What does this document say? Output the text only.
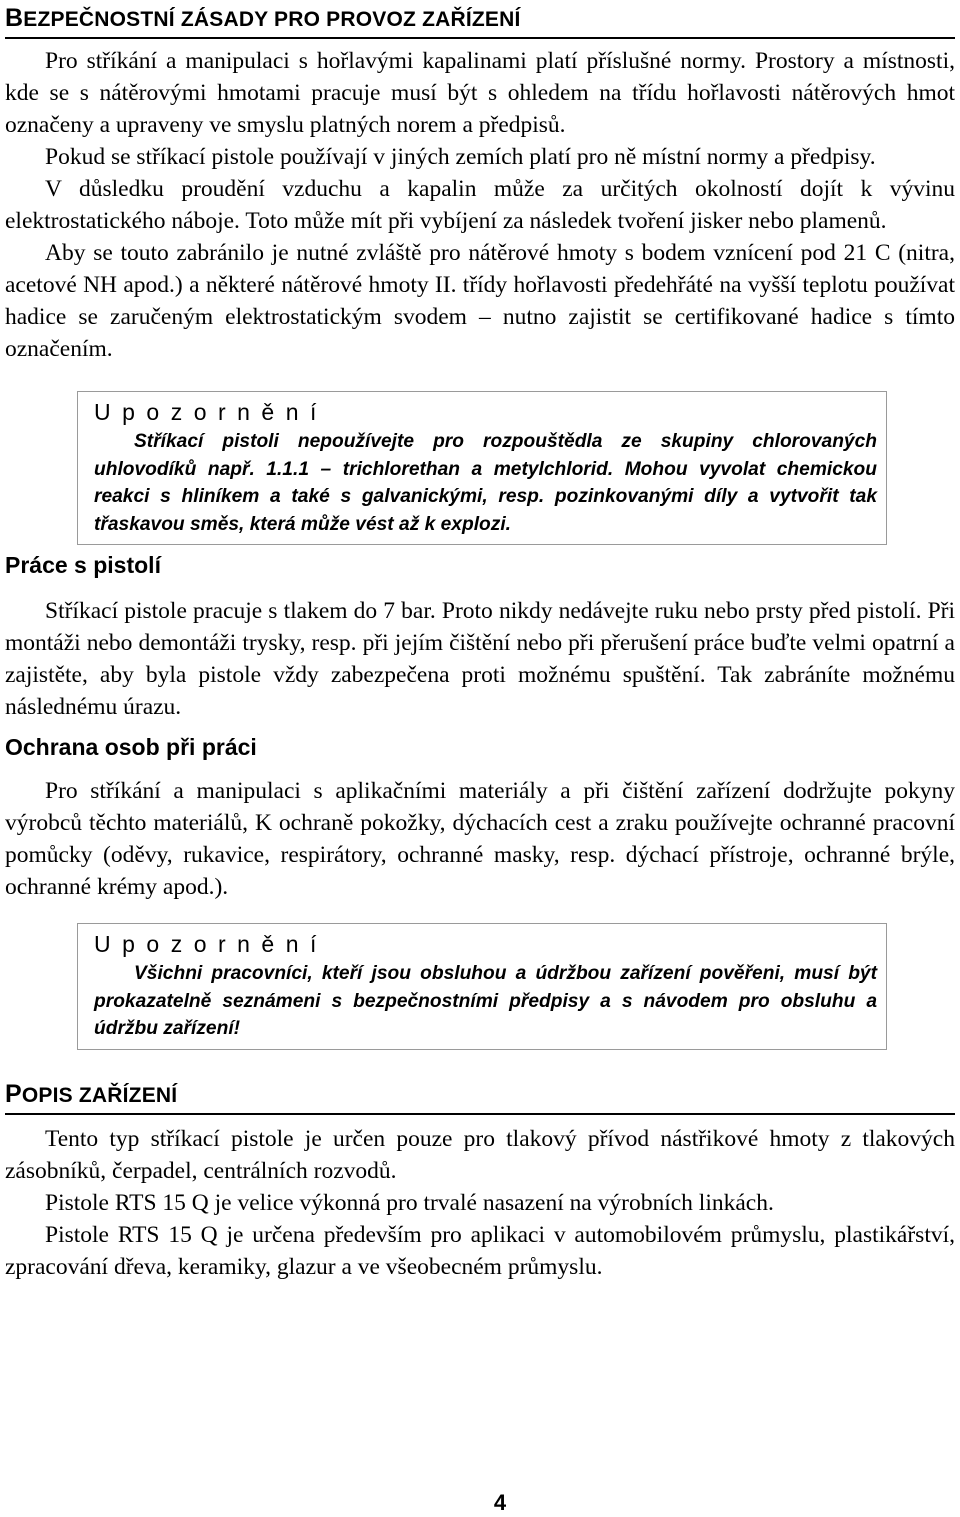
BEZPEČNOSTNÍ ZÁSADY PRO PROVOZ ZAŘÍZENÍ

Pro stříkání a manipulaci s hořlavými kapalinami platí příslušné normy. Prostory a místnosti, kde se s nátěrovými hmotami pracuje musí být s ohledem na třídu hořlavosti nátěrových hmot označeny a upraveny ve smyslu platných norem a předpisů.

Pokud se stříkací pistole používají v jiných zemích platí pro ně místní normy a předpisy.

V důsledku proudění vzduchu a kapalin může za určitých okolností dojít k vývinu elektrostatického náboje. Toto může mít při vybíjení za následek tvoření jisker nebo plamenů.

Aby se touto zabránilo je nutné zvláště pro nátěrové hmoty s bodem vznícení pod 21 C (nitra, acetové NH apod.) a některé nátěrové hmoty II. třídy hořlavosti předehřáté na vyšší teplotu používat hadice se zaručeným elektrostatickým svodem – nutno zajistit se certifikované hadice s tímto označením.

Upozornění

Stříkací pistoli nepoužívejte pro rozpouštědla ze skupiny chlorovaných uhlovodíků např. 1.1.1 – trichlorethan a metylchlorid. Mohou vyvolat chemickou reakci s hliníkem a také s galvanickými, resp. pozinkovanými díly a vytvořit tak třaskavou směs, která může vést až k explozi.

Práce s pistolí

Stříkací pistole pracuje s tlakem do 7 bar. Proto nikdy nedávejte ruku nebo prsty před pistolí. Při montáži nebo demontáži trysky, resp. při jejím čištění nebo při přerušení práce buďte velmi opatrní a zajistěte, aby byla pistole vždy zabezpečena proti možnému spuštění. Tak zabráníte možnému následnému úrazu.

Ochrana osob při práci

Pro stříkání a manipulaci s aplikačními materiály a při čištění zařízení dodržujte pokyny výrobců těchto materiálů, K ochraně pokožky, dýchacích cest a zraku používejte ochranné pracovní pomůcky (oděvy, rukavice, respirátory, ochranné masky, resp. dýchací přístroje, ochranné brýle, ochranné krémy apod.).

Upozornění

Všichni pracovníci, kteří jsou obsluhou a údržbou zařízení pověřeni, musí být prokazatelně seznámeni s bezpečnostními předpisy a s návodem pro obsluhu a údržbu zařízení!

POPIS ZAŘÍZENÍ

Tento typ stříkací pistole je určen pouze pro tlakový přívod nástřikové hmoty z tlakových zásobníků, čerpadel, centrálních rozvodů.

Pistole RTS 15 Q je velice výkonná pro trvalé nasazení na výrobních linkách.

Pistole RTS 15 Q je určena především pro aplikaci v automobilovém průmyslu, plastikářství, zpracování dřeva, keramiky, glazur a ve všeobecném průmyslu.

4
